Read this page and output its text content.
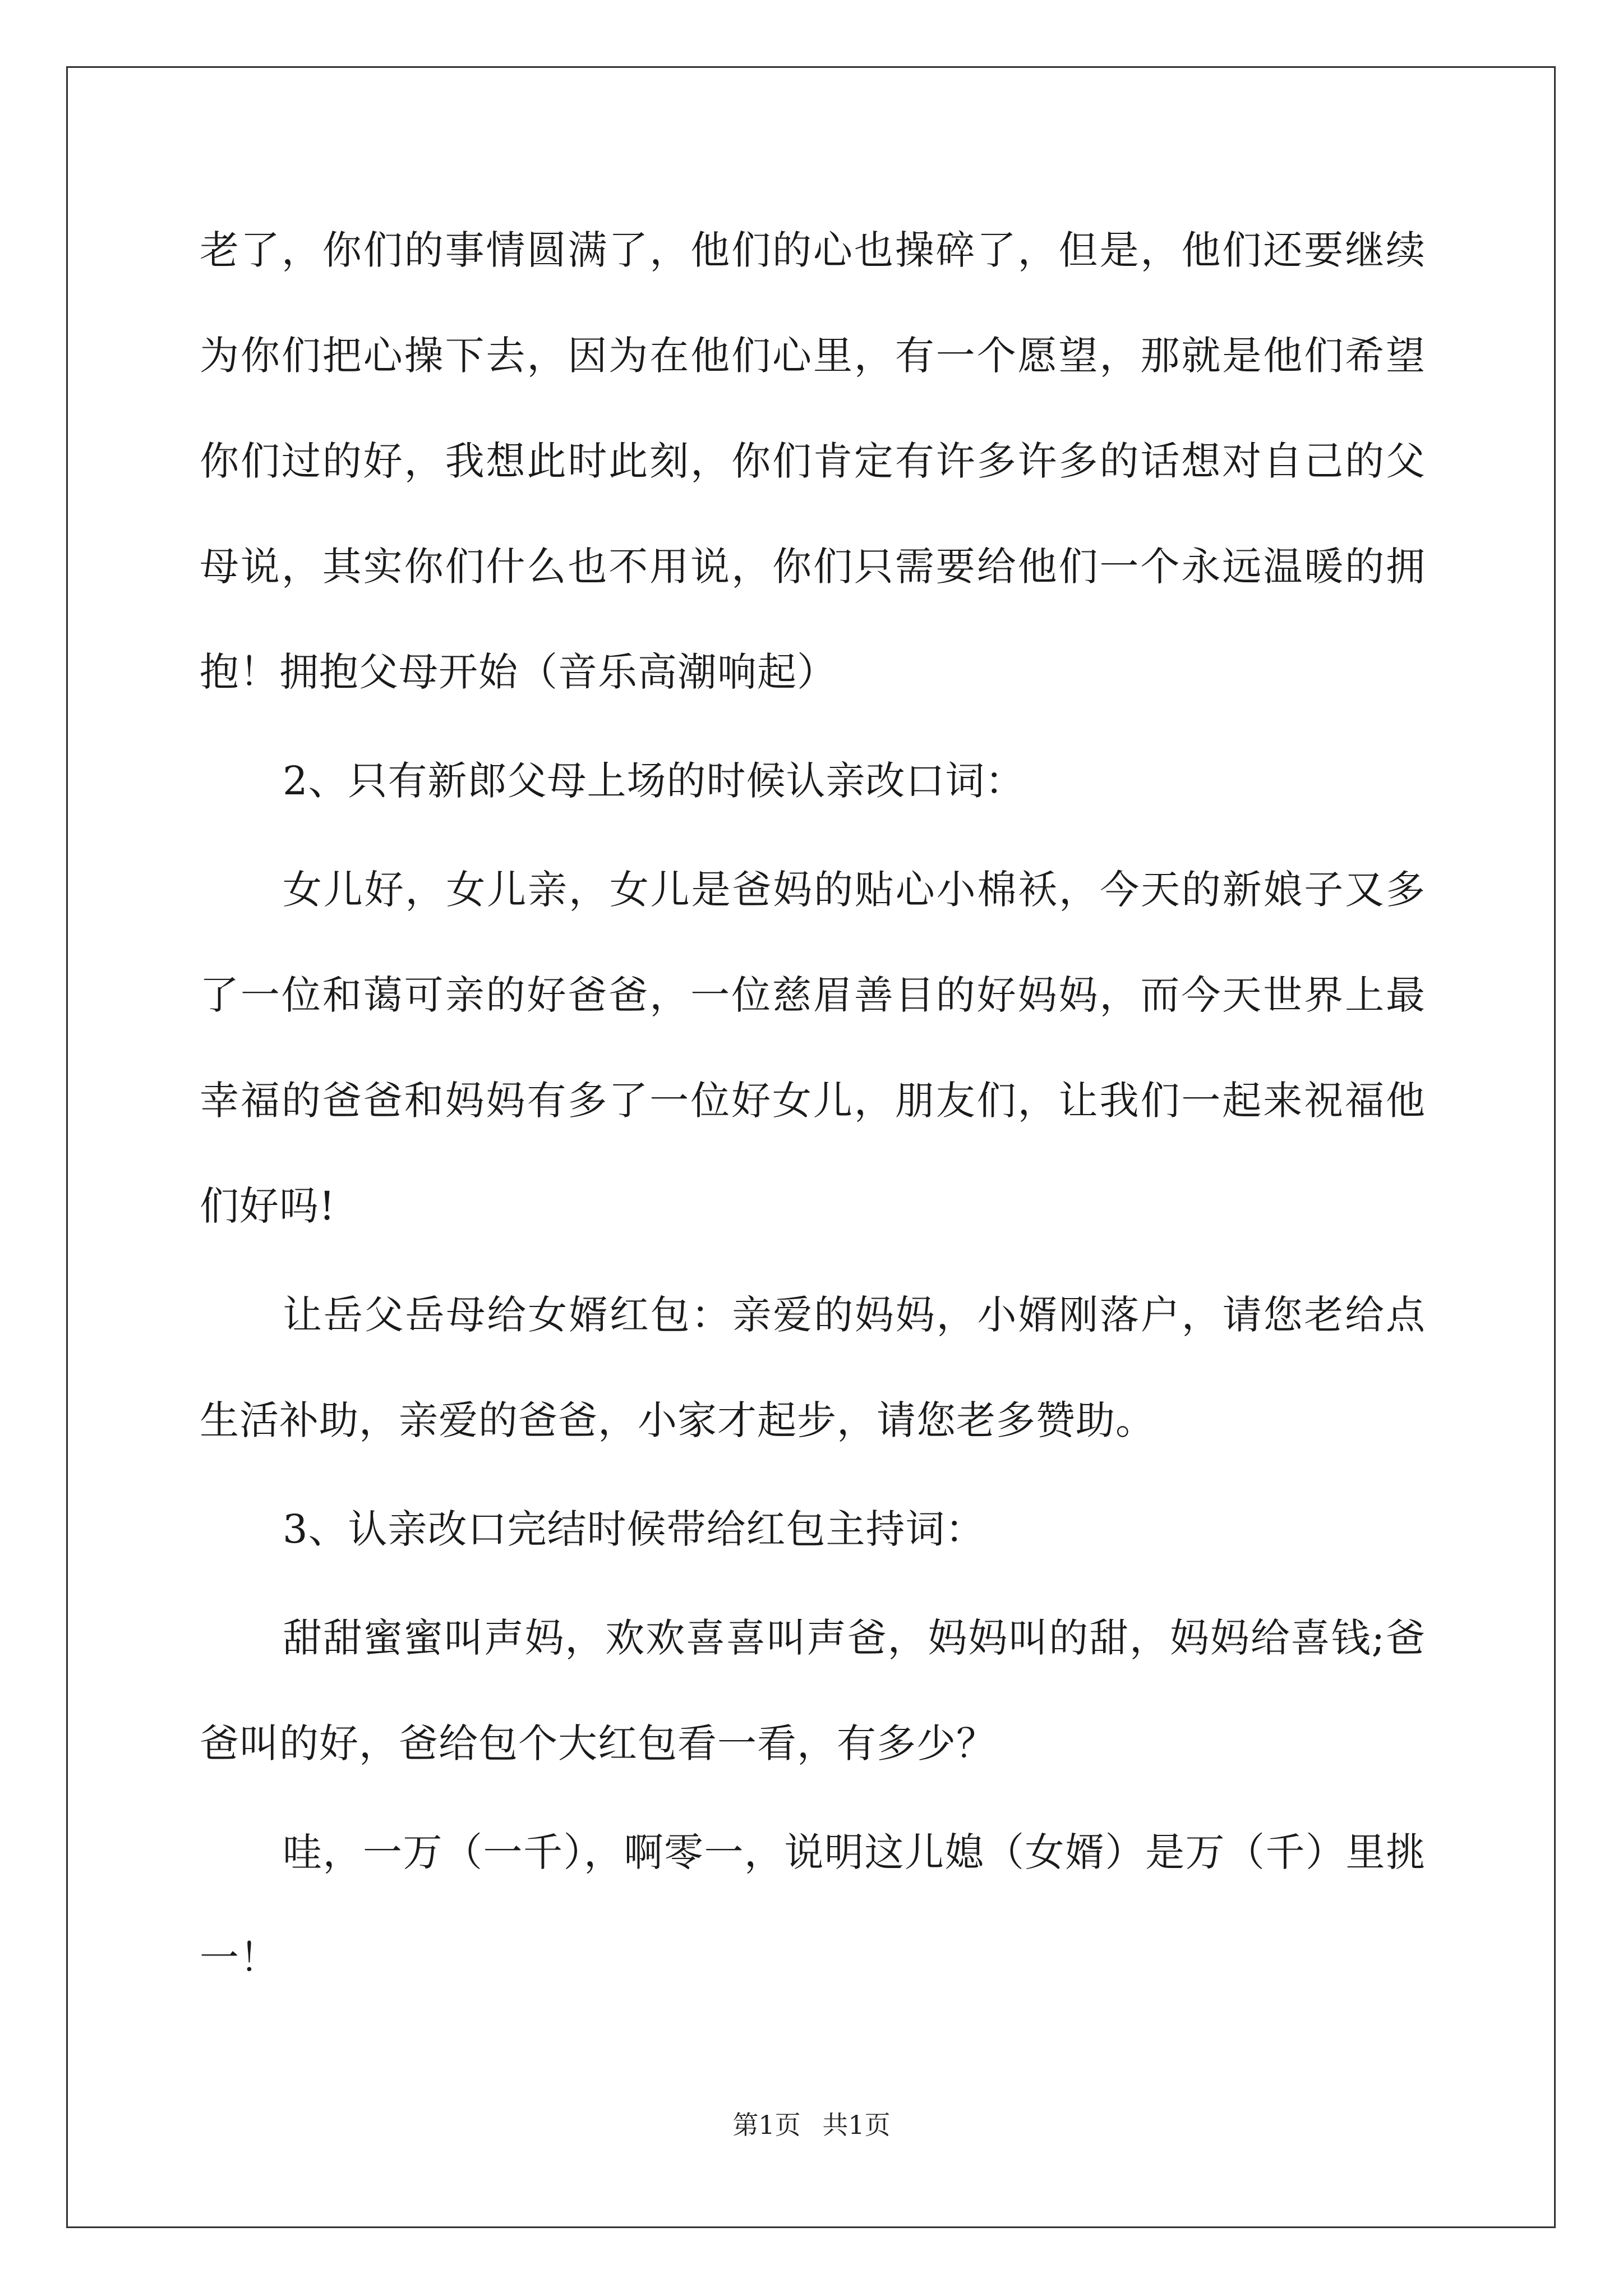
老了，你们的事情圆满了，他们的心也操碎了，但是，他们还要继续为你们把心操下去，因为在他们心里，有一个愿望，那就是他们希望你们过的好，我想此时此刻，你们肯定有许多许多的话想对自己的父母说，其实你们什么也不用说，你们只需要给他们一个永远温暖的拥抱！拥抱父母开始（音乐高潮响起）

2、只有新郎父母上场的时候认亲改口词：

女儿好，女儿亲，女儿是爸妈的贴心小棉袄，今天的新娘子又多了一位和蔼可亲的好爸爸，一位慈眉善目的好妈妈，而今天世界上最幸福的爸爸和妈妈有多了一位好女儿，朋友们，让我们一起来祝福他们好吗!

让岳父岳母给女婿红包：亲爱的妈妈，小婿刚落户，请您老给点生活补助，亲爱的爸爸，小家才起步，请您老多赞助。

3、认亲改口完结时候带给红包主持词：

甜甜蜜蜜叫声妈，欢欢喜喜叫声爸，妈妈叫的甜，妈妈给喜钱;爸爸叫的好，爸给包个大红包看一看，有多少？

哇，一万（一千），啊零一，说明这儿媳（女婿）是万（千）里挑一！

第1页 共1页
